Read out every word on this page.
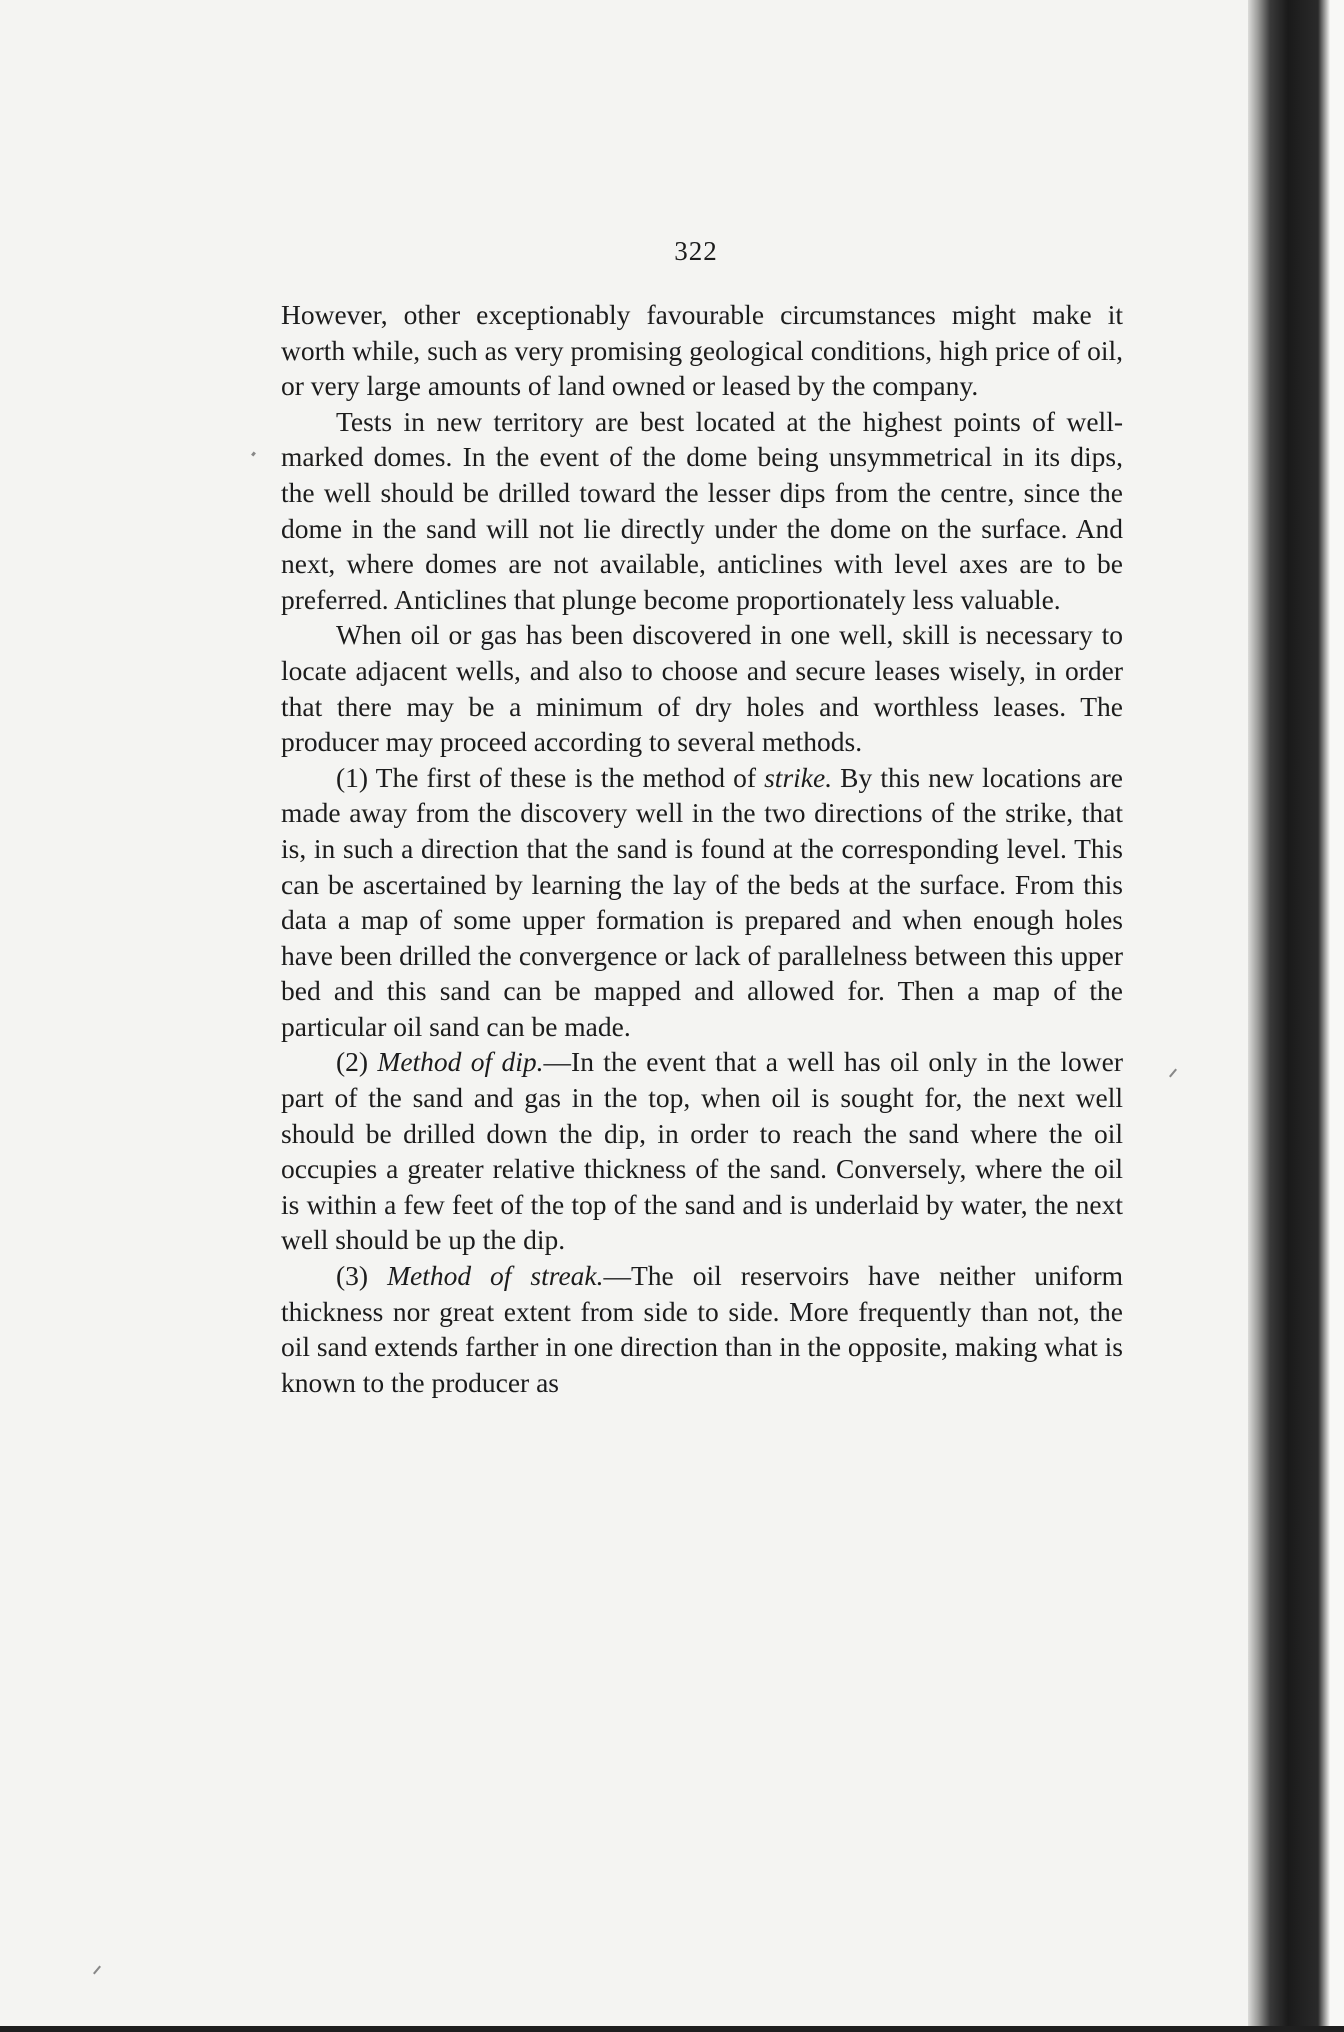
322

However, other exceptionably favourable circumstances might make it worth while, such as very promising geological conditions, high price of oil, or very large amounts of land owned or leased by the company.

Tests in new territory are best located at the highest points of well-marked domes. In the event of the dome being unsymmetrical in its dips, the well should be drilled toward the lesser dips from the centre, since the dome in the sand will not lie directly under the dome on the surface. And next, where domes are not available, anticlines with level axes are to be preferred. Anticlines that plunge become proportionately less valuable.

When oil or gas has been discovered in one well, skill is necessary to locate adjacent wells, and also to choose and secure leases wisely, in order that there may be a minimum of dry holes and worthless leases. The producer may proceed according to several methods.

(1) The first of these is the method of strike. By this new locations are made away from the discovery well in the two directions of the strike, that is, in such a direction that the sand is found at the corresponding level. This can be ascertained by learning the lay of the beds at the surface. From this data a map of some upper formation is prepared and when enough holes have been drilled the convergence or lack of parallelness between this upper bed and this sand can be mapped and allowed for. Then a map of the particular oil sand can be made.

(2) Method of dip.—In the event that a well has oil only in the lower part of the sand and gas in the top, when oil is sought for, the next well should be drilled down the dip, in order to reach the sand where the oil occupies a greater relative thickness of the sand. Conversely, where the oil is within a few feet of the top of the sand and is underlaid by water, the next well should be up the dip.

(3) Method of streak.—The oil reservoirs have neither uniform thickness nor great extent from side to side. More frequently than not, the oil sand extends farther in one direction than in the opposite, making what is known to the producer as
